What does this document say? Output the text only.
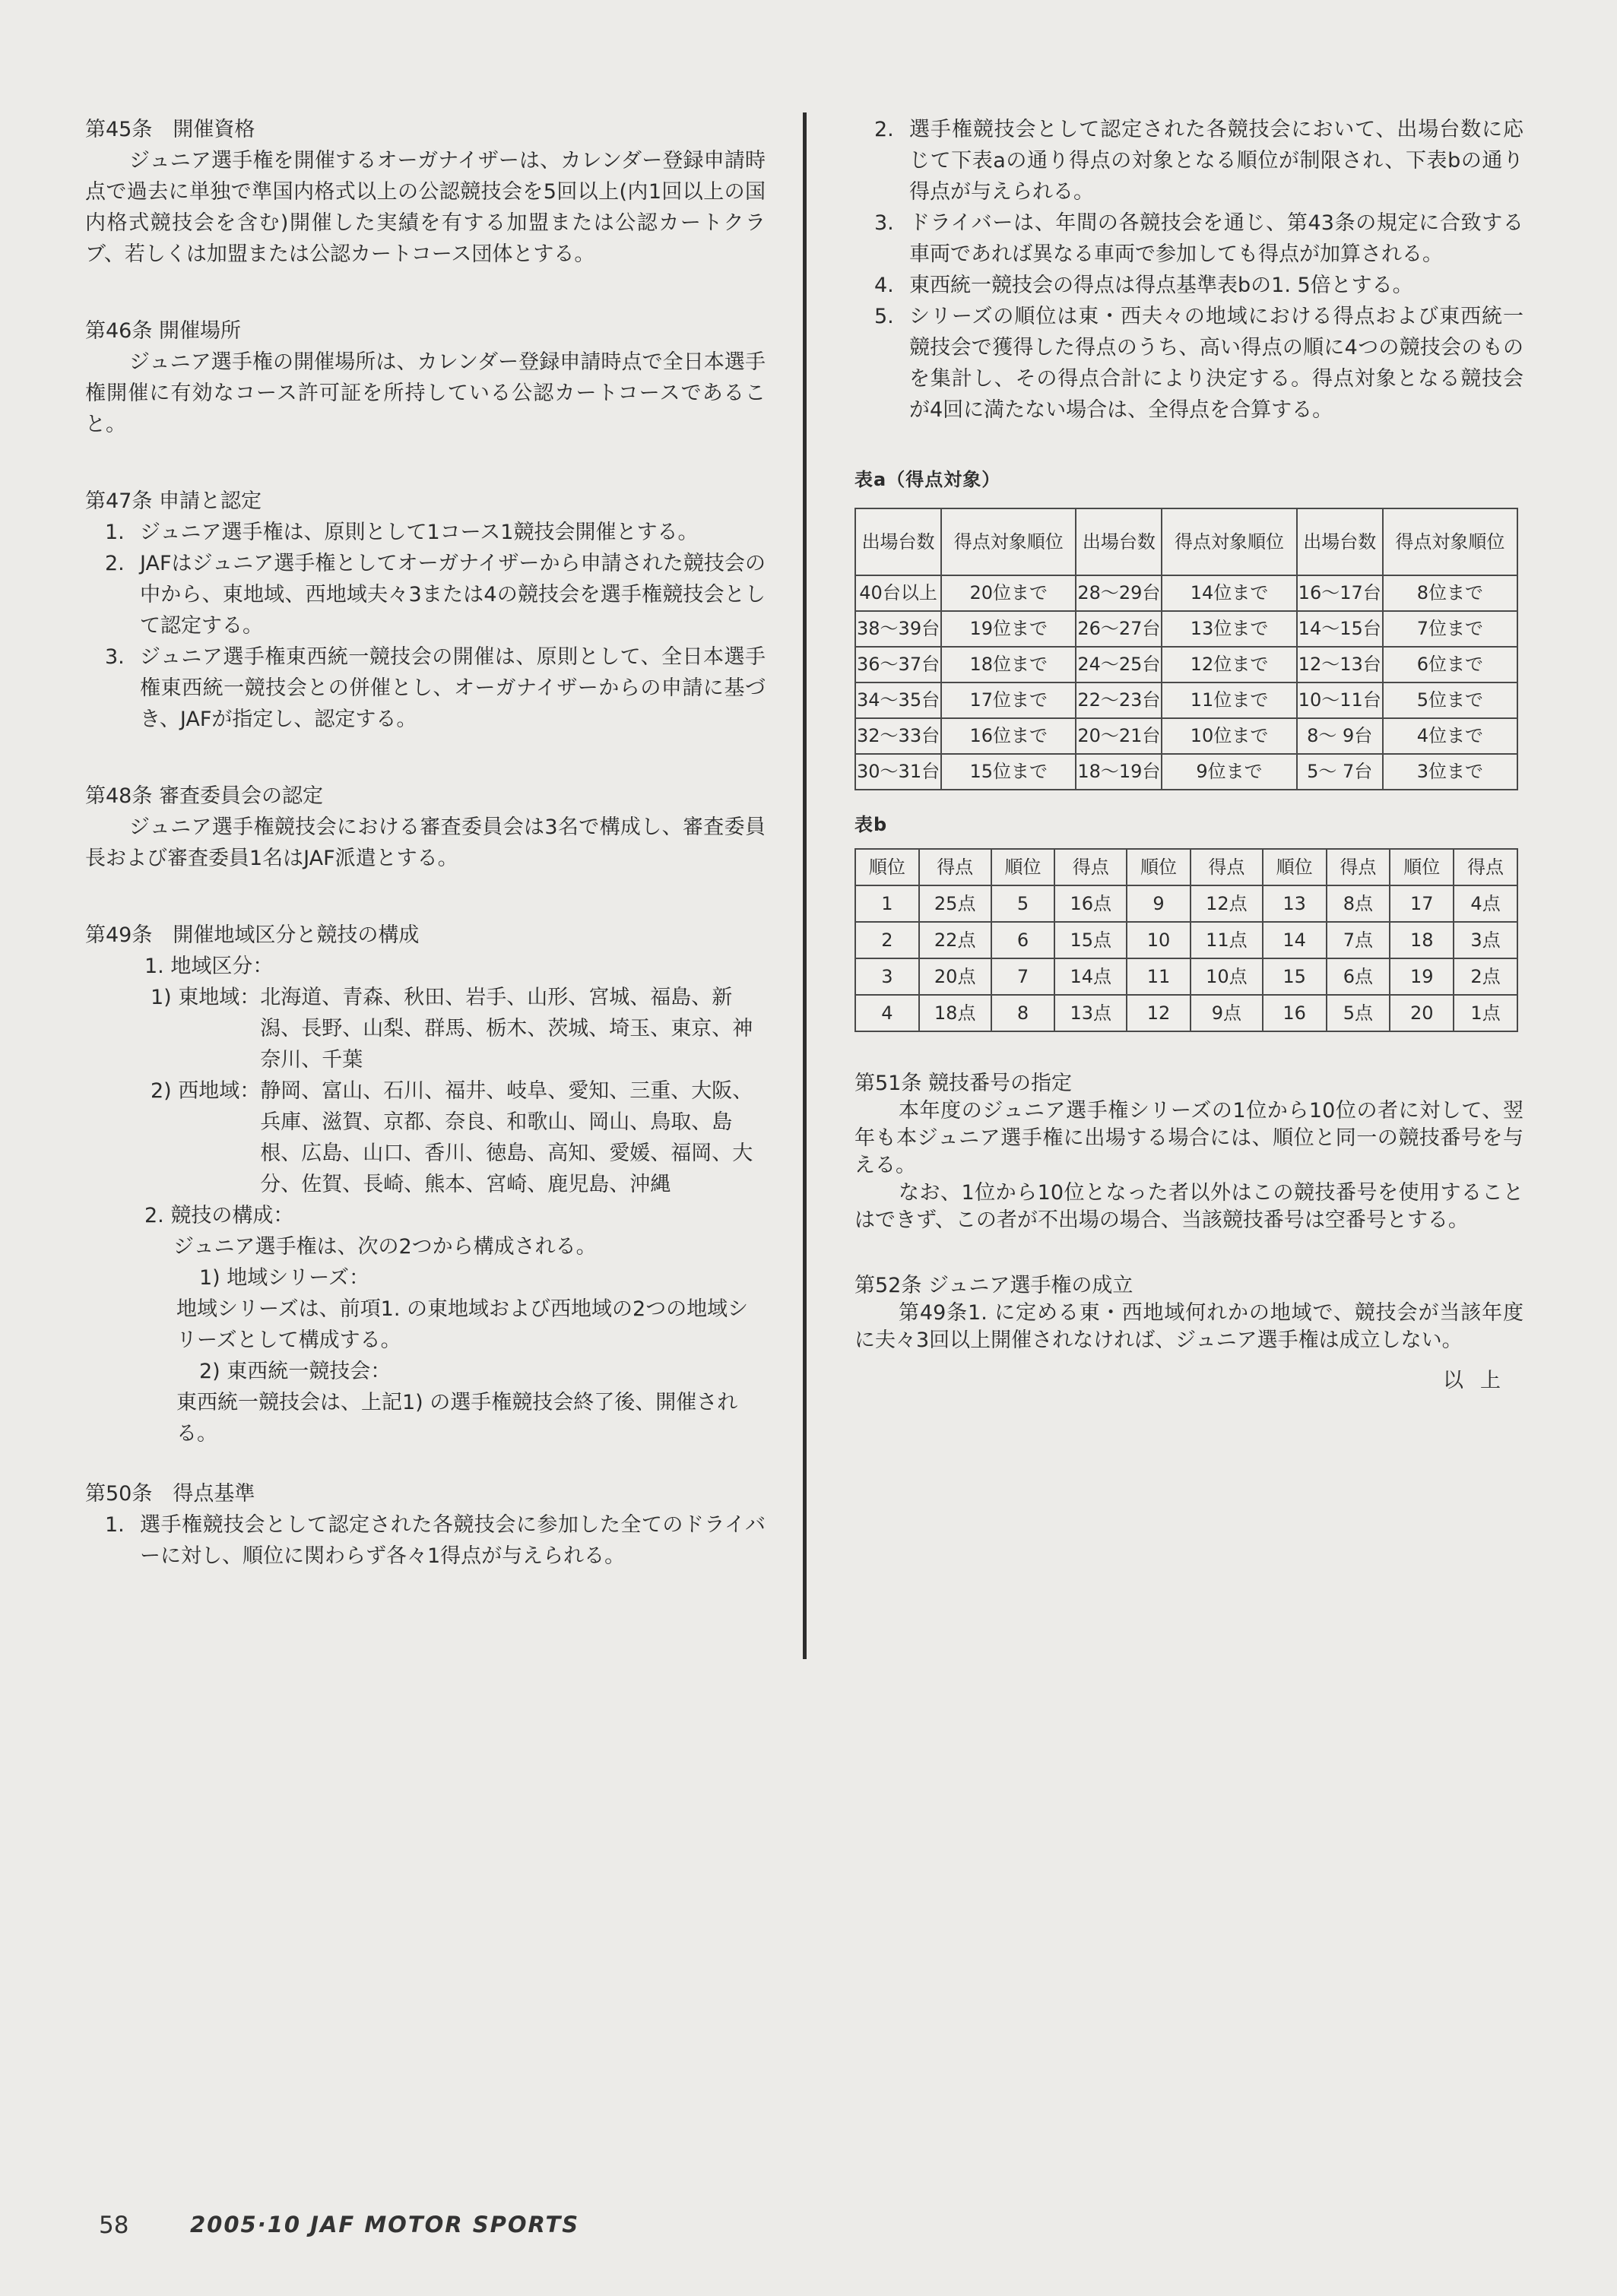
第45条　開催資格

ジュニア選手権を開催するオーガナイザーは、カレンダー登録申請時点で過去に単独で準国内格式以上の公認競技会を5回以上(内1回以上の国内格式競技会を含む)開催した実績を有する加盟または公認カートクラブ、若しくは加盟または公認カートコース団体とする。

第46条 開催場所

ジュニア選手権の開催場所は、カレンダー登録申請時点で全日本選手権開催に有効なコース許可証を所持している公認カートコースであること。

第47条 申請と認定
1. ジュニア選手権は、原則として1コース1競技会開催とする。
2. JAFはジュニア選手権としてオーガナイザーから申請された競技会の中から、東地域、西地域夫々3または4の競技会を選手権競技会として認定する。
3. ジュニア選手権東西統一競技会の開催は、原則として、全日本選手権東西統一競技会との併催とし、オーガナイザーからの申請に基づき、JAFが指定し、認定する。
第48条 審査委員会の認定

ジュニア選手権競技会における審査委員会は3名で構成し、審査委員長および審査委員1名はJAF派遣とする。

第49条　開催地域区分と競技の構成

1. 地域区分：

1) 東地域： 北海道、青森、秋田、岩手、山形、宮城、福島、新潟、長野、山梨、群馬、栃木、茨城、埼玉、東京、神奈川、千葉
2) 西地域： 静岡、富山、石川、福井、岐阜、愛知、三重、大阪、兵庫、滋賀、京都、奈良、和歌山、岡山、鳥取、島根、広島、山口、香川、徳島、高知、愛媛、福岡、大分、佐賀、長崎、熊本、宮崎、鹿児島、沖縄

2. 競技の構成：

ジュニア選手権は、次の2つから構成される。

1) 地域シリーズ：

地域シリーズは、前項1. の東地域および西地域の2つの地域シリーズとして構成する。

2) 東西統一競技会：

東西統一競技会は、上記1) の選手権競技会終了後、開催される。

第50条　得点基準
1. 選手権競技会として認定された各競技会に参加した全てのドライバーに対し、順位に関わらず各々1得点が与えられる。
2. 選手権競技会として認定された各競技会において、出場台数に応じて下表aの通り得点の対象となる順位が制限され、下表bの通り得点が与えられる。
3. ドライバーは、年間の各競技会を通じ、第43条の規定に合致する車両であれば異なる車両で参加しても得点が加算される。
4. 東西統一競技会の得点は得点基準表bの1. 5倍とする。
5. シリーズの順位は東・西夫々の地域における得点および東西統一競技会で獲得した得点のうち、高い得点の順に4つの競技会のものを集計し、その得点合計により決定する。得点対象となる競技会が4回に満たない場合は、全得点を合算する。

表a（得点対象）

出場台数	得点対象順位	出場台数	得点対象順位	出場台数	得点対象順位
40台以上	20位まで	28〜29台	14位まで	16〜17台	8位まで
38〜39台	19位まで	26〜27台	13位まで	14〜15台	7位まで
36〜37台	18位まで	24〜25台	12位まで	12〜13台	6位まで
34〜35台	17位まで	22〜23台	11位まで	10〜11台	5位まで
32〜33台	16位まで	20〜21台	10位まで	8〜 9台	4位まで
30〜31台	15位まで	18〜19台	9位まで	5〜 7台	3位まで

表b

順位	得点	順位	得点	順位	得点	順位	得点	順位	得点
1	25点	5	16点	9	12点	13	8点	17	4点
2	22点	6	15点	10	11点	14	7点	18	3点
3	20点	7	14点	11	10点	15	6点	19	2点
4	18点	8	13点	12	9点	16	5点	20	1点
第51条 競技番号の指定

本年度のジュニア選手権シリーズの1位から10位の者に対して、翌年も本ジュニア選手権に出場する場合には、順位と同一の競技番号を与える。

なお、1位から10位となった者以外はこの競技番号を使用することはできず、この者が不出場の場合、当該競技番号は空番号とする。

第52条 ジュニア選手権の成立

第49条1. に定める東・西地域何れかの地域で、競技会が当該年度に夫々3回以上開催されなければ、ジュニア選手権は成立しない。

以上

58	2005·10 JAF MOTOR SPORTS
